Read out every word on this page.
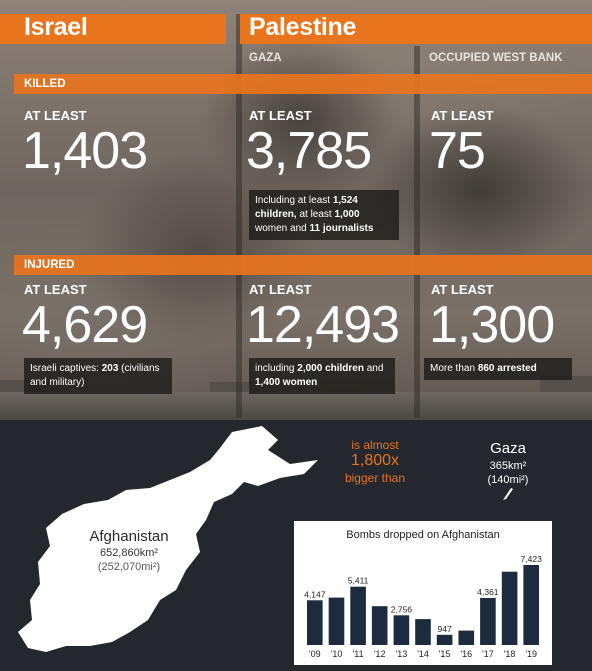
Israel	Palestine
GAZA	OCCUPIED WEST BANK
KILLED
AT LEAST
1,403
AT LEAST
3,785
Including at least 1,524 children, at least 1,000 women and 11 journalists
AT LEAST
75
INJURED
AT LEAST
4,629
Israeli captives: 203 (civilians and military)
AT LEAST
12,493
including 2,000 children and 1,400 women
AT LEAST
1,300
More than 860 arrested
Afghanistan
652,860km²
(252,070mi²)
is almost
1,800x
bigger than
Gaza
365km²
(140mi²)
Bombs dropped on Afghanistan
4,147
'09 '10
5,411
'11 '12
2,756
'13 '14
947
'15 '16
4,361
'17 '18
7,423
'19
